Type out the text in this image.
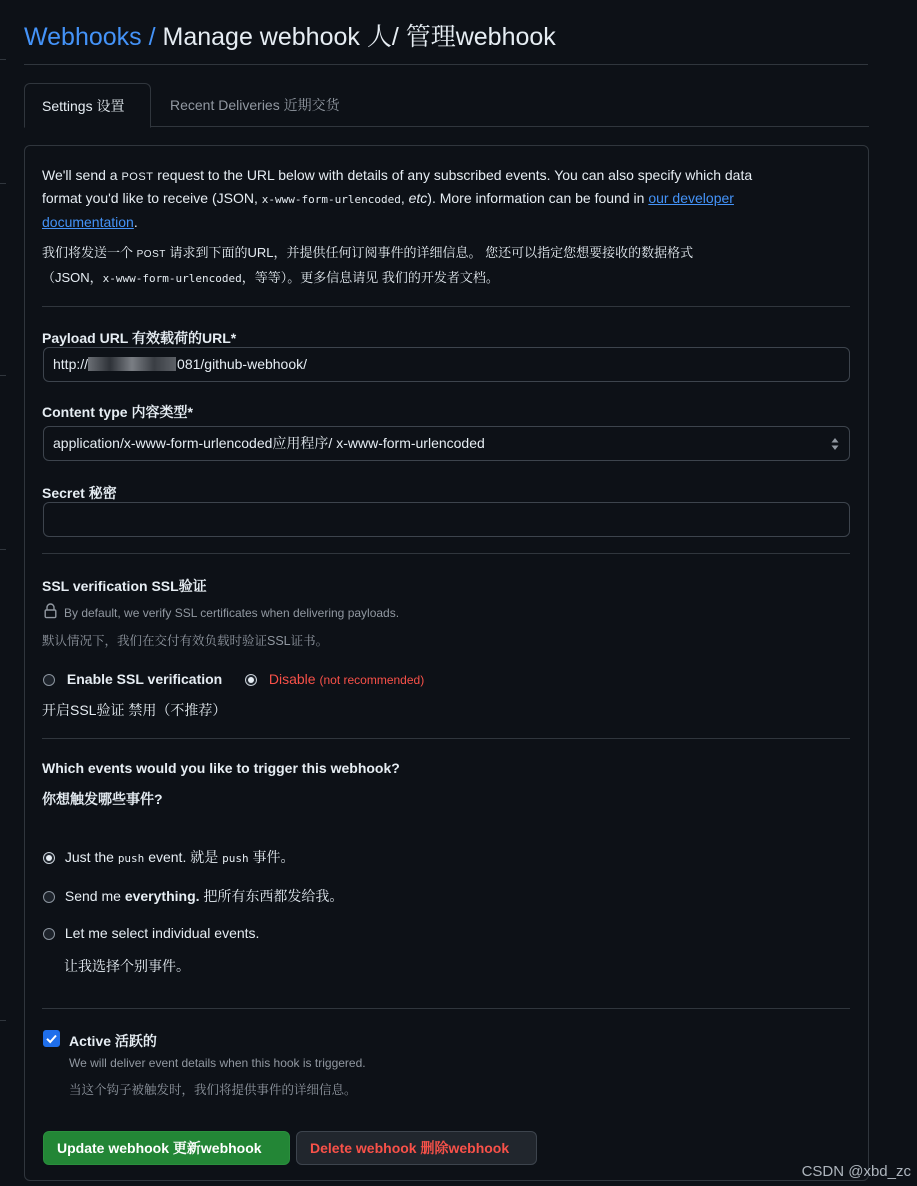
Webhooks / Manage webhook 人/ 管理webhook
Settings 设置	Recent Deliveries 近期交货
We'll send a POST request to the URL below with details of any subscribed events. You can also specify which data
format you'd like to receive (JSON, x-www-form-urlencoded, etc). More information can be found in our developer
documentation.
我们将发送一个 POST 请求到下面的URL，并提供任何订阅事件的详细信息。 您还可以指定您想要接收的数据格式
（JSON，x-www-form-urlencoded，等等）。更多信息请见 我们的开发者文档。
Payload URL 有效载荷的URL*
http://	081/github-webhook/
Content type 内容类型*
application/x-www-form-urlencoded应用程序/ x-www-form-urlencoded
Secret 秘密
SSL verification SSL验证
By default, we verify SSL certificates when delivering payloads.
默认情况下，我们在交付有效负载时验证SSL证书。
Enable SSL verification	Disable (not recommended)
开启SSL验证 禁用（不推荐）
Which events would you like to trigger this webhook?
你想触发哪些事件?
Just the push event. 就是 push 事件。
Send me everything. 把所有东西都发给我。
Let me select individual events.
让我选择个别事件。
Active 活跃的
We will deliver event details when this hook is triggered.
当这个钩子被触发时，我们将提供事件的详细信息。
Update webhook 更新webhook	Delete webhook 删除webhook
CSDN @xbd_zc
